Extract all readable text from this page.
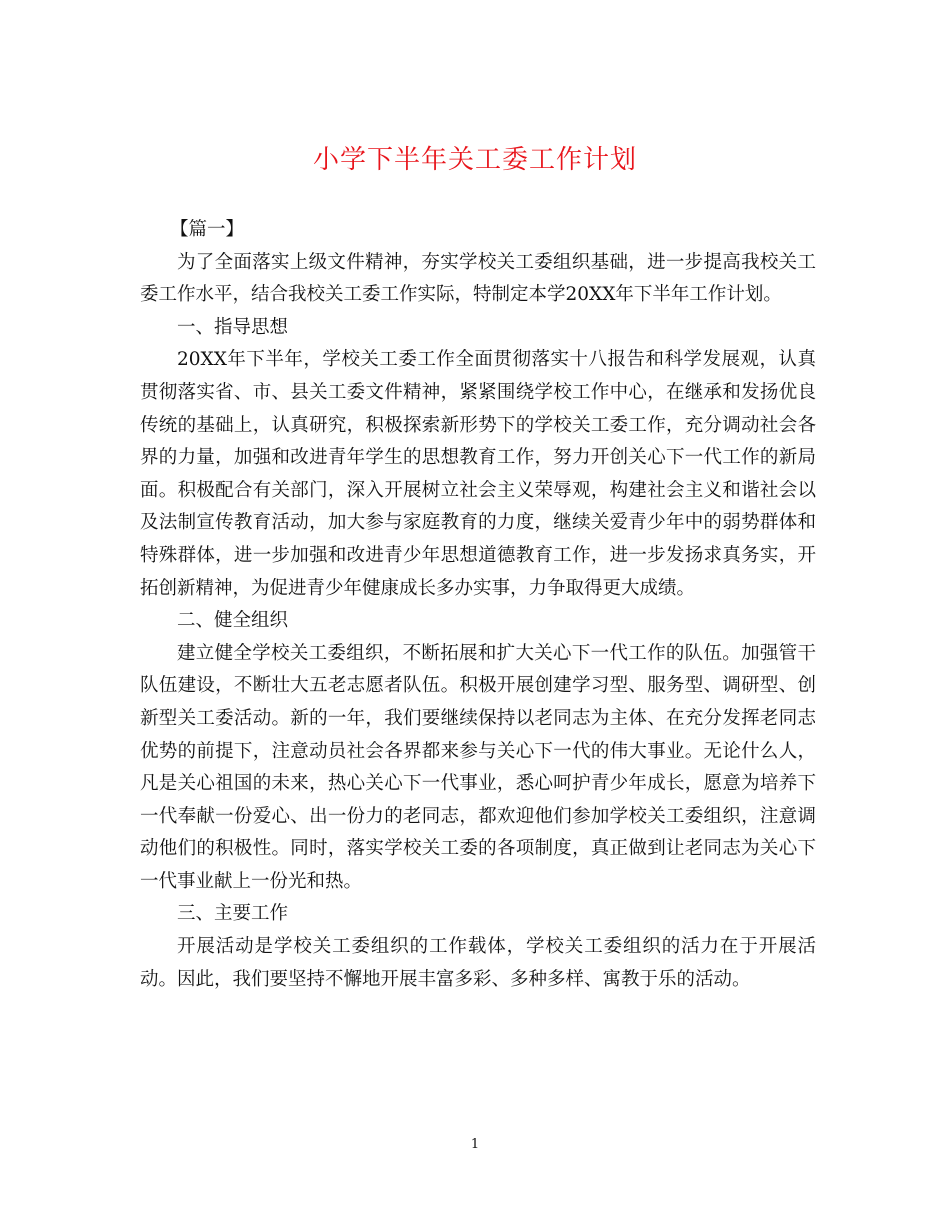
小学下半年关工委工作计划

【篇一】

为了全面落实上级文件精神，夯实学校关工委组织基础，进一步提高我校关工委工作水平，结合我校关工委工作实际，特制定本学20XX年下半年工作计划。

一、指导思想

20XX年下半年，学校关工委工作全面贯彻落实十八报告和科学发展观，认真贯彻落实省、市、县关工委文件精神，紧紧围绕学校工作中心，在继承和发扬优良传统的基础上，认真研究，积极探索新形势下的学校关工委工作，充分调动社会各界的力量，加强和改进青年学生的思想教育工作，努力开创关心下一代工作的新局面。积极配合有关部门，深入开展树立社会主义荣辱观，构建社会主义和谐社会以及法制宣传教育活动，加大参与家庭教育的力度，继续关爱青少年中的弱势群体和特殊群体，进一步加强和改进青少年思想道德教育工作，进一步发扬求真务实，开拓创新精神，为促进青少年健康成长多办实事，力争取得更大成绩。

二、健全组织

建立健全学校关工委组织，不断拓展和扩大关心下一代工作的队伍。加强管干队伍建设，不断壮大五老志愿者队伍。积极开展创建学习型、服务型、调研型、创新型关工委活动。新的一年，我们要继续保持以老同志为主体、在充分发挥老同志优势的前提下，注意动员社会各界都来参与关心下一代的伟大事业。无论什么人，凡是关心祖国的未来，热心关心下一代事业，悉心呵护青少年成长，愿意为培养下一代奉献一份爱心、出一份力的老同志，都欢迎他们参加学校关工委组织，注意调动他们的积极性。同时，落实学校关工委的各项制度，真正做到让老同志为关心下一代事业献上一份光和热。

三、主要工作

开展活动是学校关工委组织的工作载体，学校关工委组织的活力在于开展活动。因此，我们要坚持不懈地开展丰富多彩、多种多样、寓教于乐的活动。

1
